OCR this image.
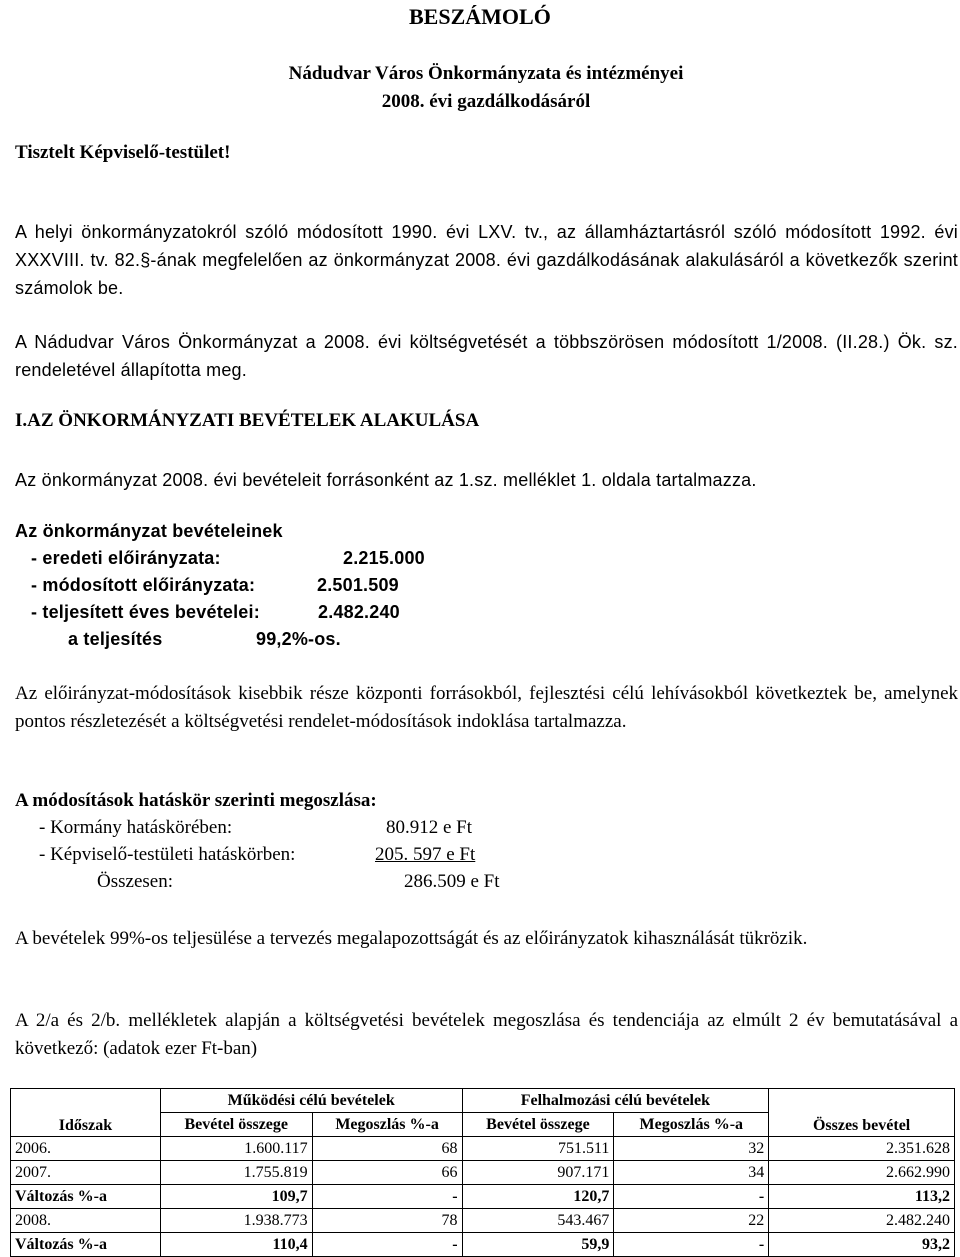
BESZÁMOLÓ
Nádudvar Város Önkormányzata és intézményei
2008. évi gazdálkodásáról
Tisztelt Képviselő-testület!
A helyi önkormányzatokról szóló módosított 1990. évi LXV. tv., az államháztartásról szóló módosított 1992. évi XXXVIII. tv. 82.§-ának megfelelően az önkormányzat 2008. évi gazdálkodásának alakulásáról a következők szerint számolok be.
A Nádudvar Város Önkormányzat a 2008. évi költségvetését a többszörösen módosított 1/2008. (II.28.) Ök. sz. rendeletével állapította meg.
I.AZ ÖNKORMÁNYZATI BEVÉTELEK ALAKULÁSA
Az önkormányzat 2008. évi bevételeit forrásonként az 1.sz. melléklet 1. oldala tartalmazza.
Az önkormányzat bevételeinek
- eredeti előirányzata:	2.215.000
- módosított előirányzata:	2.501.509
- teljesített éves bevételei:	2.482.240
a teljesítés	99,2%-os.
Az előirányzat-módosítások kisebbik része központi forrásokból, fejlesztési célú lehívásokból következtek be, amelynek pontos részletezését a költségvetési rendelet-módosítások indoklása tartalmazza.
A módosítások hatáskör szerinti megoszlása:
- Kormány hatáskörében:	80.912 e Ft
- Képviselő-testületi hatáskörben:	205. 597 e Ft
Összesen:	286.509 e Ft
A bevételek 99%-os teljesülése a tervezés megalapozottságát és az előirányzatok kihasználását tükrözik.
A 2/a és 2/b. mellékletek alapján a költségvetési bevételek megoszlása és tendenciája az elmúlt 2 év bemutatásával a következő: (adatok ezer Ft-ban)
Időszak	Működési célú bevételek		Felhalmozási célú bevételek		Összes bevétel
	Bevétel összege	Megoszlás %-a	Bevétel összege	Megoszlás %-a	
2006.	1.600.117	68	751.511	32	2.351.628
2007.	1.755.819	66	907.171	34	2.662.990
Változás %-a	109,7	-	120,7	-	113,2
2008.	1.938.773	78	543.467	22	2.482.240
Változás %-a	110,4	-	59,9	-	93,2
